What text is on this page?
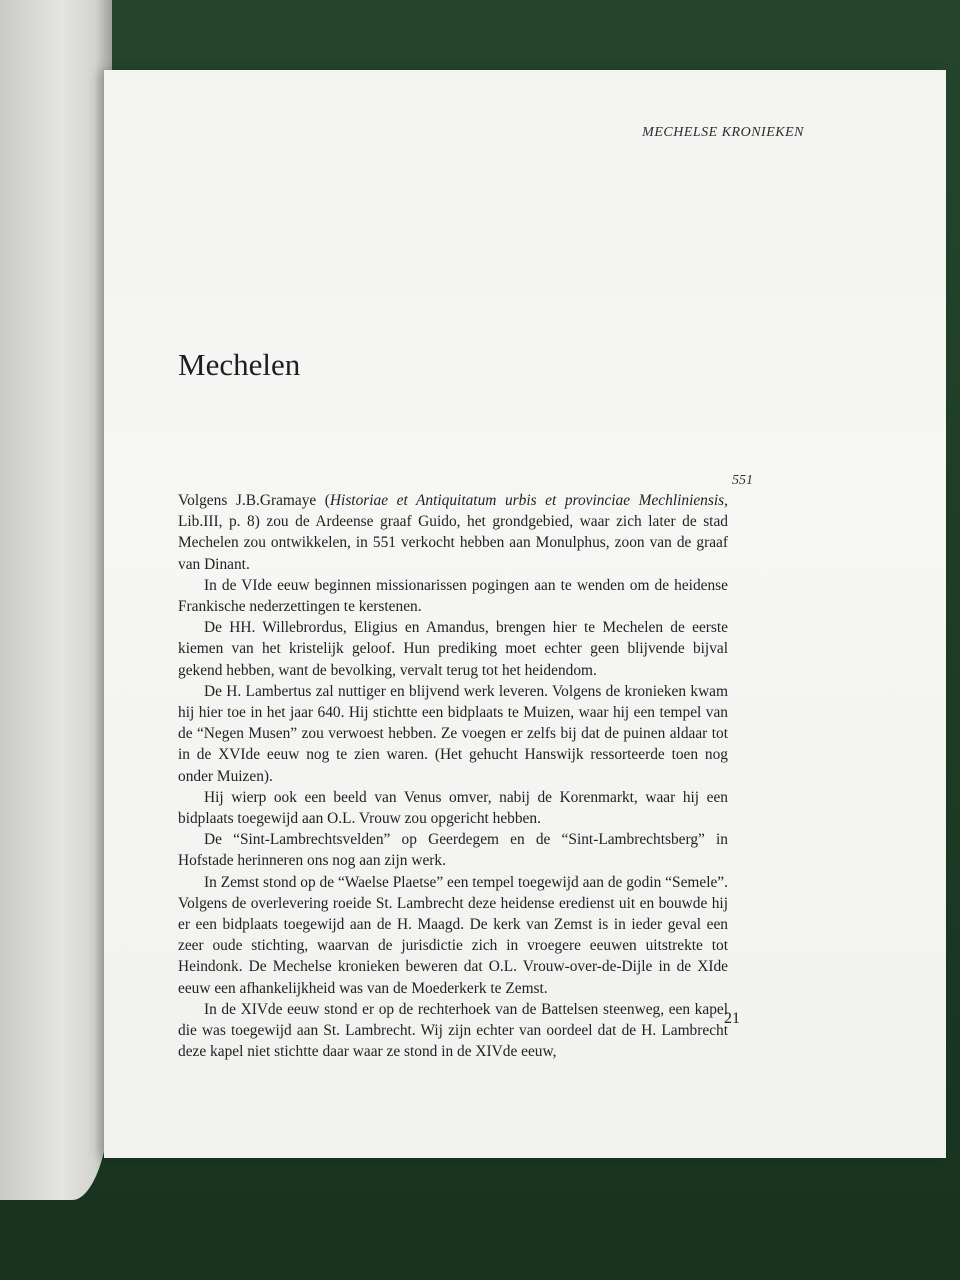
MECHELSE KRONIEKEN
Mechelen
551

Volgens J.B.Gramaye (Historiae et Antiquitatum urbis et provinciae Mechliniensis, Lib.III, p. 8) zou de Ardeense graaf Guido, het grondgebied, waar zich later de stad Mechelen zou ontwikkelen, in 551 verkocht hebben aan Monulphus, zoon van de graaf van Dinant.

In de VIde eeuw beginnen missionarissen pogingen aan te wenden om de heidense Frankische nederzettingen te kerstenen.

De HH. Willebrordus, Eligius en Amandus, brengen hier te Mechelen de eerste kiemen van het kristelijk geloof. Hun prediking moet echter geen blijvende bijval gekend hebben, want de bevolking, vervalt terug tot het heidendom.

De H. Lambertus zal nuttiger en blijvend werk leveren. Volgens de kronieken kwam hij hier toe in het jaar 640. Hij stichtte een bidplaats te Muizen, waar hij een tempel van de “Negen Musen” zou verwoest hebben. Ze voegen er zelfs bij dat de puinen aldaar tot in de XVIde eeuw nog te zien waren. (Het gehucht Hanswijk ressorteerde toen nog onder Muizen).

Hij wierp ook een beeld van Venus omver, nabij de Korenmarkt, waar hij een bidplaats toegewijd aan O.L. Vrouw zou opgericht hebben.

De “Sint-Lambrechtsvelden” op Geerdegem en de “Sint-Lambrechtsberg” in Hofstade herinneren ons nog aan zijn werk.

In Zemst stond op de “Waelse Plaetse” een tempel toegewijd aan de godin “Semele”. Volgens de overlevering roeide St. Lambrecht deze heidense eredienst uit en bouwde hij er een bidplaats toegewijd aan de H. Maagd. De kerk van Zemst is in ieder geval een zeer oude stichting, waarvan de jurisdictie zich in vroegere eeuwen uitstrekte tot Heindonk. De Mechelse kronieken beweren dat O.L. Vrouw-over-de-Dijle in de XIde eeuw een afhankelijkheid was van de Moederkerk te Zemst.

In de XIVde eeuw stond er op de rechterhoek van de Battelsen steenweg, een kapel die was toegewijd aan St. Lambrecht. Wij zijn echter van oordeel dat de H. Lambrecht deze kapel niet stichtte daar waar ze stond in de XIVde eeuw,

21
